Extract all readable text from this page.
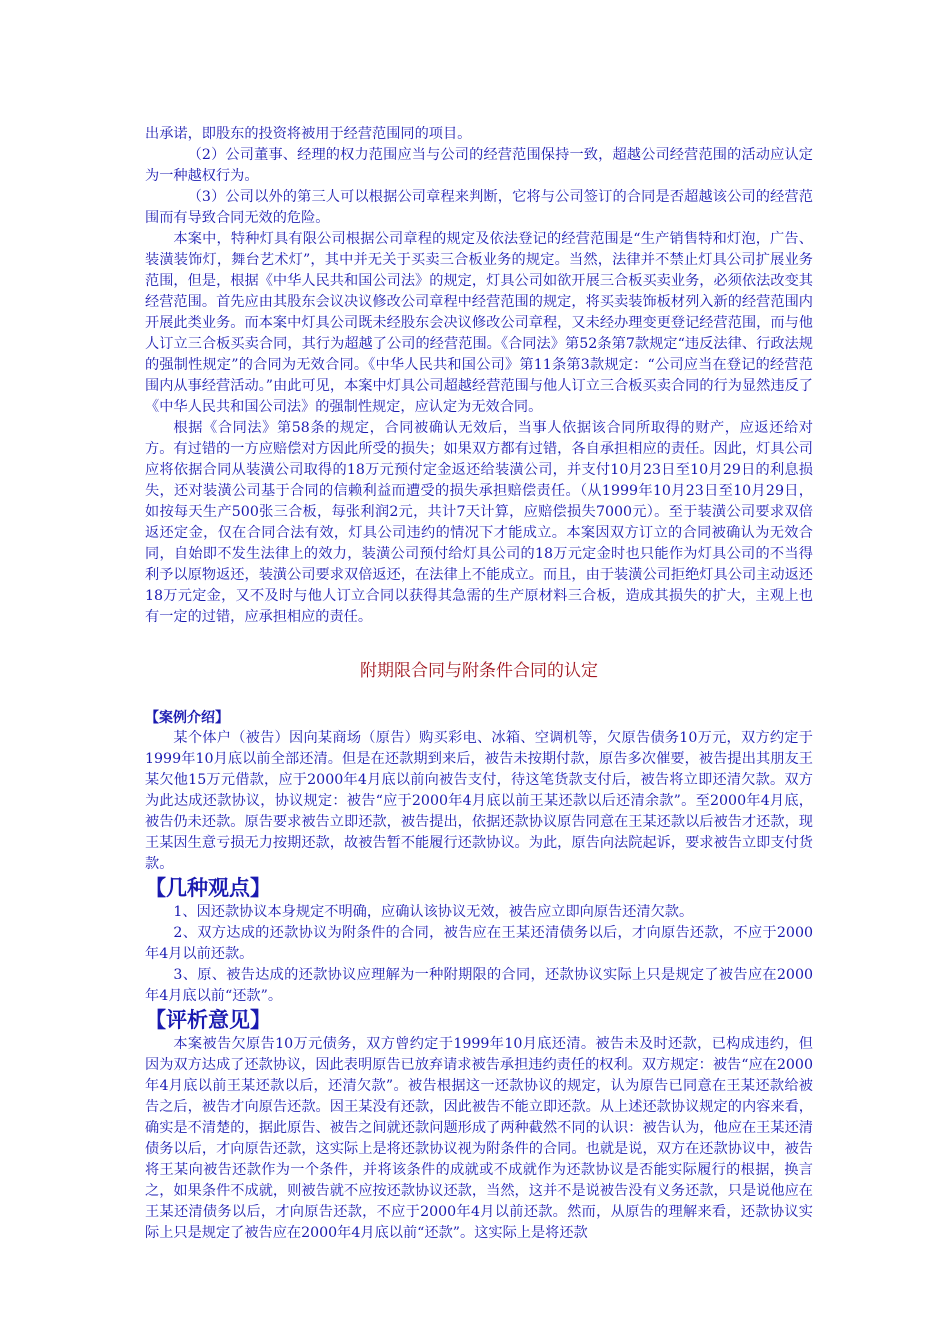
出承诺，即股东的投资将被用于经营范围同的项目。

（2）公司董事、经理的权力范围应当与公司的经营范围保持一致，超越公司经营范围的活动应认定为一种越权行为。

（3）公司以外的第三人可以根据公司章程来判断，它将与公司签订的合同是否超越该公司的经营范围而有导致合同无效的危险。

本案中，特种灯具有限公司根据公司章程的规定及依法登记的经营范围是“生产销售特和灯泡，广告、装潢装饰灯，舞台艺术灯”，其中并无关于买卖三合板业务的规定。当然，法律并不禁止灯具公司扩展业务范围，但是，根据《中华人民共和国公司法》的规定，灯具公司如欲开展三合板买卖业务，必须依法改变其经营范围。首先应由其股东会议决议修改公司章程中经营范围的规定，将买卖装饰板材列入新的经营范围内开展此类业务。而本案中灯具公司既未经股东会决议修改公司章程，又未经办理变更登记经营范围，而与他人订立三合板买卖合同，其行为超越了公司的经营范围。《合同法》第52条第7款规定“违反法律、行政法规的强制性规定”的合同为无效合同。《中华人民共和国公司》第11条第3款规定：“公司应当在登记的经营范围内从事经营活动。”由此可见，本案中灯具公司超越经营范围与他人订立三合板买卖合同的行为显然违反了《中华人民共和国公司法》的强制性规定，应认定为无效合同。

根据《合同法》第58条的规定，合同被确认无效后，当事人依据该合同所取得的财产，应返还给对方。有过错的一方应赔偿对方因此所受的损失；如果双方都有过错，各自承担相应的责任。因此，灯具公司应将依据合同从装潢公司取得的18万元预付定金返还给装潢公司，并支付10月23日至10月29日的利息损失，还对装潢公司基于合同的信赖利益而遭受的损失承担赔偿责任。（从1999年10月23日至10月29日，如按每天生产500张三合板，每张利润2元，共计7天计算，应赔偿损失7000元）。至于装潢公司要求双倍返还定金，仅在合同合法有效，灯具公司违约的情况下才能成立。本案因双方订立的合同被确认为无效合同，自始即不发生法律上的效力，装潢公司预付给灯具公司的18万元定金时也只能作为灯具公司的不当得利予以原物返还，装潢公司要求双倍返还，在法律上不能成立。而且，由于装潢公司拒绝灯具公司主动返还18万元定金，又不及时与他人订立合同以获得其急需的生产原材料三合板，造成其损失的扩大，主观上也有一定的过错，应承担相应的责任。

附期限合同与附条件合同的认定
【案例介绍】

某个体户（被告）因向某商场（原告）购买彩电、冰箱、空调机等，欠原告债务10万元，双方约定于1999年10月底以前全部还清。但是在还款期到来后，被告未按期付款，原告多次催要，被告提出其朋友王某欠他15万元借款，应于2000年4月底以前向被告支付，待这笔货款支付后，被告将立即还清欠款。双方为此达成还款协议，协议规定：被告“应于2000年4月底以前王某还款以后还清余款”。至2000年4月底，被告仍未还款。原告要求被告立即还款，被告提出，依据还款协议原告同意在王某还款以后被告才还款，现王某因生意亏损无力按期还款，故被告暂不能履行还款协议。为此，原告向法院起诉，要求被告立即支付货款。

【几种观点】

1、因还款协议本身规定不明确，应确认该协议无效，被告应立即向原告还清欠款。

2、双方达成的还款协议为附条件的合同，被告应在王某还清债务以后，才向原告还款，不应于2000年4月以前还款。

3、原、被告达成的还款协议应理解为一种附期限的合同，还款协议实际上只是规定了被告应在2000年4月底以前“还款”。

【评析意见】

本案被告欠原告10万元债务，双方曾约定于1999年10月底还清。被告未及时还款，已构成违约，但因为双方达成了还款协议，因此表明原告已放弃请求被告承担违约责任的权利。双方规定：被告“应在2000年4月底以前王某还款以后，还清欠款”。被告根据这一还款协议的规定，认为原告已同意在王某还款给被告之后，被告才向原告还款。因王某没有还款，因此被告不能立即还款。从上述还款协议规定的内容来看，确实是不清楚的，据此原告、被告之间就还款问题形成了两种截然不同的认识：被告认为，他应在王某还清债务以后，才向原告还款，这实际上是将还款协议视为附条件的合同。也就是说，双方在还款协议中，被告将王某向被告还款作为一个条件，并将该条件的成就或不成就作为还款协议是否能实际履行的根据，换言之，如果条件不成就，则被告就不应按还款协议还款，当然，这并不是说被告没有义务还款，只是说他应在王某还清债务以后，才向原告还款，不应于2000年4月以前还款。然而，从原告的理解来看，还款协议实际上只是规定了被告应在2000年4月底以前“还款”。这实际上是将还款
